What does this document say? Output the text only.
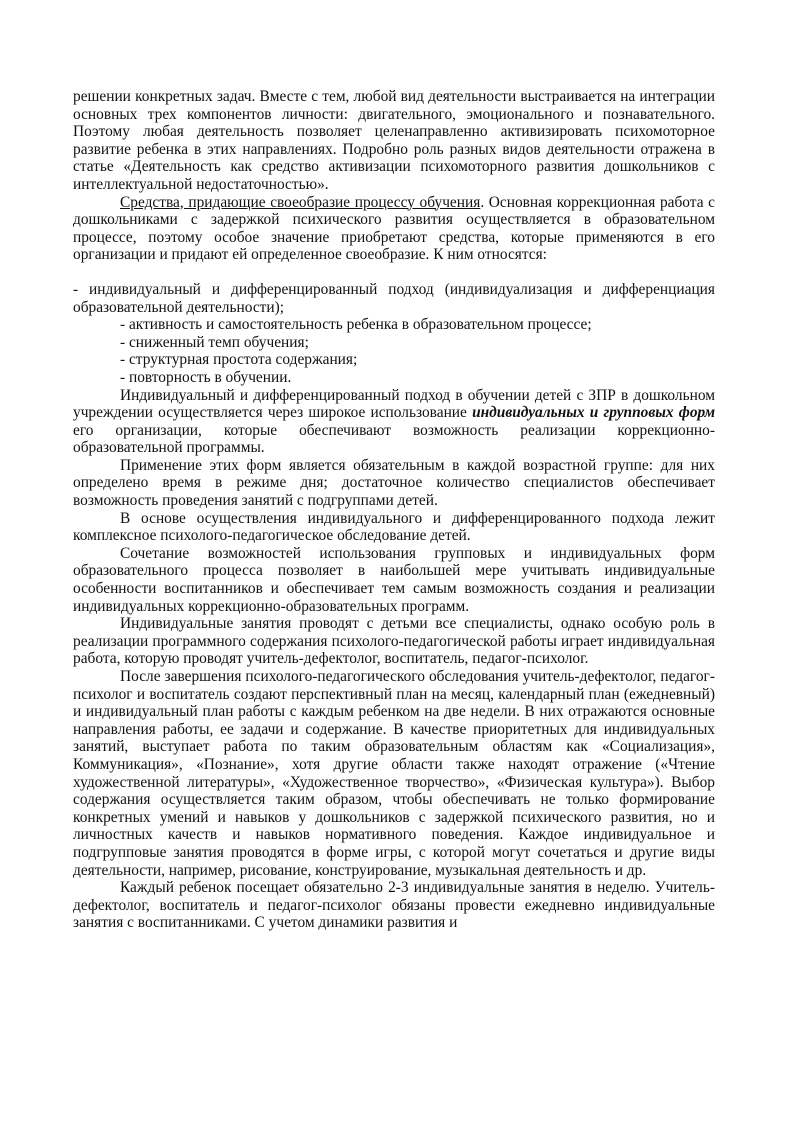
решении конкретных задач. Вместе с тем, любой вид деятельности выстраивается на интеграции основных трех компонентов личности: двигательного, эмоционального и познавательного. Поэтому любая деятельность позволяет целенаправленно активизировать психомоторное развитие ребенка в этих направлениях. Подробно роль разных видов деятельности отражена в статье «Деятельность как средство активизации психомоторного развития дошкольников с интеллектуальной недостаточностью».

Средства, придающие своеобразие процессу обучения. Основная коррекционная работа с дошкольниками с задержкой психического развития осуществляется в образовательном процессе, поэтому особое значение приобретают средства, которые применяются в его организации и придают ей определенное своеобразие. К ним относятся:

- индивидуальный и дифференцированный подход (индивидуализация и дифференциация образовательной деятельности);

- активность и самостоятельность ребенка в образовательном процессе;

- сниженный темп обучения;

- структурная простота содержания;

- повторность в обучении.

Индивидуальный и дифференцированный подход в обучении детей с ЗПР в дошкольном учреждении осуществляется через широкое использование индивидуальных и групповых форм его организации, которые обеспечивают возможность реализации коррекционно-образовательной программы.

Применение этих форм является обязательным в каждой возрастной группе: для них определено время в режиме дня; достаточное количество специалистов обеспечивает возможность проведения занятий с подгруппами детей.

В основе осуществления индивидуального и дифференцированного подхода лежит комплексное психолого-педагогическое обследование детей.

Сочетание возможностей использования групповых и индивидуальных форм образовательного процесса позволяет в наибольшей мере учитывать индивидуальные особенности воспитанников и обеспечивает тем самым возможность создания и реализации индивидуальных коррекционно-образовательных программ.

Индивидуальные занятия проводят с детьми все специалисты, однако особую роль в реализации программного содержания психолого-педагогической работы играет индивидуальная работа, которую проводят учитель-дефектолог, воспитатель, педагог-психолог.

После завершения психолого-педагогического обследования учитель-дефектолог, педагог-психолог и воспитатель создают перспективный план на месяц, календарный план (ежедневный) и индивидуальный план работы с каждым ребенком на две недели. В них отражаются основные направления работы, ее задачи и содержание. В качестве приоритетных для индивидуальных занятий, выступает работа по таким образовательным областям как «Социализация», Коммуникация», «Познание», хотя другие области также находят отражение («Чтение художественной литературы», «Художественное творчество», «Физическая культура»). Выбор содержания осуществляется таким образом, чтобы обеспечивать не только формирование конкретных умений и навыков у дошкольников с задержкой психического развития, но и личностных качеств и навыков нормативного поведения. Каждое индивидуальное и подгрупповые занятия проводятся в форме игры, с которой могут сочетаться и другие виды деятельности, например, рисование, конструирование, музыкальная деятельность и др.

Каждый ребенок посещает обязательно 2-3 индивидуальные занятия в неделю. Учитель-дефектолог, воспитатель и педагог-психолог обязаны провести ежедневно индивидуальные занятия с воспитанниками. С учетом динамики развития и
